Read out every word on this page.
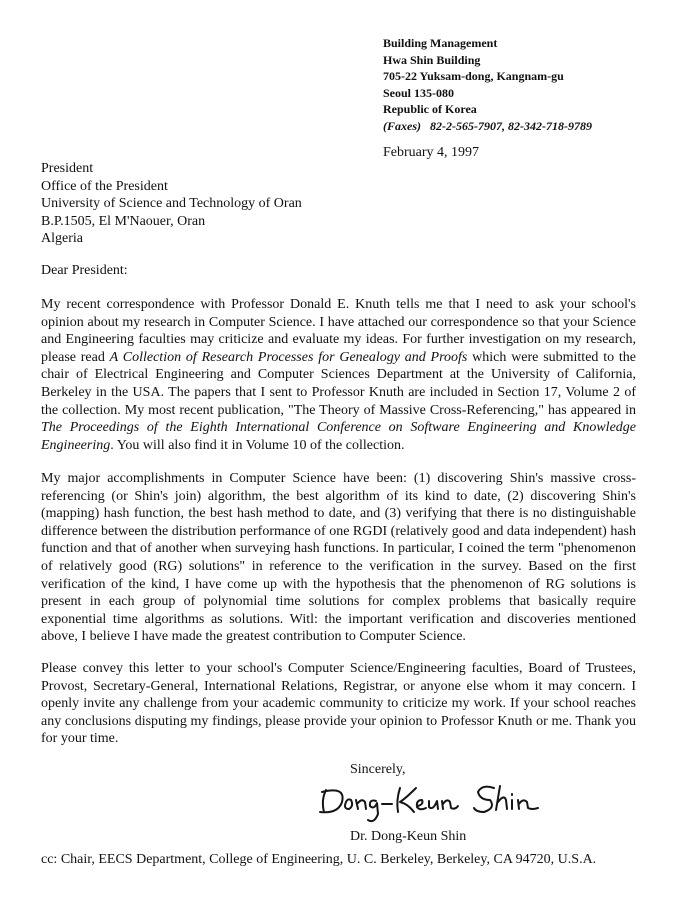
Building Management
Hwa Shin Building
705-22 Yuksam-dong, Kangnam-gu
Seoul 135-080
Republic of Korea
(Faxes) 82-2-565-7907, 82-342-718-9789
February 4, 1997
President
Office of the President
University of Science and Technology of Oran
B.P.1505, El M'Naouer, Oran
Algeria
Dear President:
My recent correspondence with Professor Donald E. Knuth tells me that I need to ask your school's opinion about my research in Computer Science. I have attached our correspondence so that your Science and Engineering faculties may criticize and evaluate my ideas. For further investigation on my research, please read A Collection of Research Processes for Genealogy and Proofs which were submitted to the chair of Electrical Engineering and Computer Sciences Department at the University of California, Berkeley in the USA. The papers that I sent to Professor Knuth are included in Section 17, Volume 2 of the collection. My most recent publication, "The Theory of Massive Cross-Referencing," has appeared in The Proceedings of the Eighth International Conference on Software Engineering and Knowledge Engineering. You will also find it in Volume 10 of the collection.
My major accomplishments in Computer Science have been: (1) discovering Shin's massive cross-referencing (or Shin's join) algorithm, the best algorithm of its kind to date, (2) discovering Shin's (mapping) hash function, the best hash method to date, and (3) verifying that there is no distinguishable difference between the distribution performance of one RGDI (relatively good and data independent) hash function and that of another when surveying hash functions. In particular, I coined the term "phenomenon of relatively good (RG) solutions" in reference to the verification in the survey. Based on the first verification of the kind, I have come up with the hypothesis that the phenomenon of RG solutions is present in each group of polynomial time solutions for complex problems that basically require exponential time algorithms as solutions. Witl: the important verification and discoveries mentioned above, I believe I have made the greatest contribution to Computer Science.
Please convey this letter to your school's Computer Science/Engineering faculties, Board of Trustees, Provost, Secretary-General, International Relations, Registrar, or anyone else whom it may concern. I openly invite any challenge from your academic community to criticize my work. If your school reaches any conclusions disputing my findings, please provide your opinion to Professor Knuth or me. Thank you for your time.
Sincerely,
Dr. Dong-Keun Shin
cc: Chair, EECS Department, College of Engineering, U. C. Berkeley, Berkeley, CA 94720, U.S.A.
